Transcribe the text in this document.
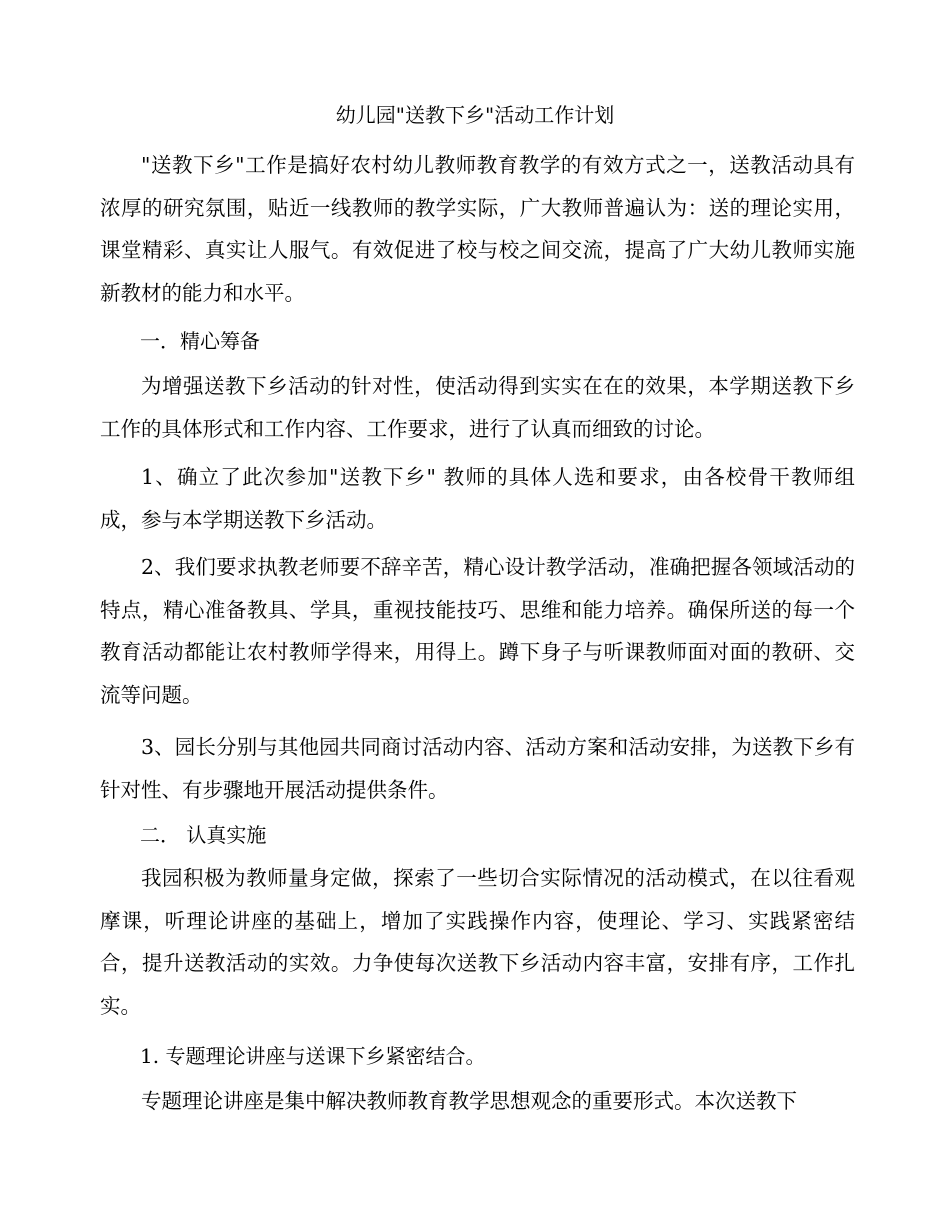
幼儿园"送教下乡"活动工作计划

"送教下乡"工作是搞好农村幼儿教师教育教学的有效方式之一，送教活动具有浓厚的研究氛围，贴近一线教师的教学实际，广大教师普遍认为：送的理论实用，课堂精彩、真实让人服气。有效促进了校与校之间交流，提高了广大幼儿教师实施新教材的能力和水平。

一．精心筹备

为增强送教下乡活动的针对性，使活动得到实实在在的效果，本学期送教下乡工作的具体形式和工作内容、工作要求，进行了认真而细致的讨论。

1、确立了此次参加"送教下乡" 教师的具体人选和要求，由各校骨干教师组成，参与本学期送教下乡活动。

2、我们要求执教老师要不辞辛苦，精心设计教学活动，准确把握各领域活动的特点，精心准备教具、学具，重视技能技巧、思维和能力培养。确保所送的每一个教育活动都能让农村教师学得来，用得上。蹲下身子与听课教师面对面的教研、交流等问题。

3、园长分别与其他园共同商讨活动内容、活动方案和活动安排，为送教下乡有针对性、有步骤地开展活动提供条件。

二． 认真实施

我园积极为教师量身定做，探索了一些切合实际情况的活动模式，在以往看观摩课，听理论讲座的基础上，增加了实践操作内容，使理论、学习、实践紧密结合，提升送教活动的实效。力争使每次送教下乡活动内容丰富，安排有序，工作扎实。

1. 专题理论讲座与送课下乡紧密结合。

专题理论讲座是集中解决教师教育教学思想观念的重要形式。本次送教下
